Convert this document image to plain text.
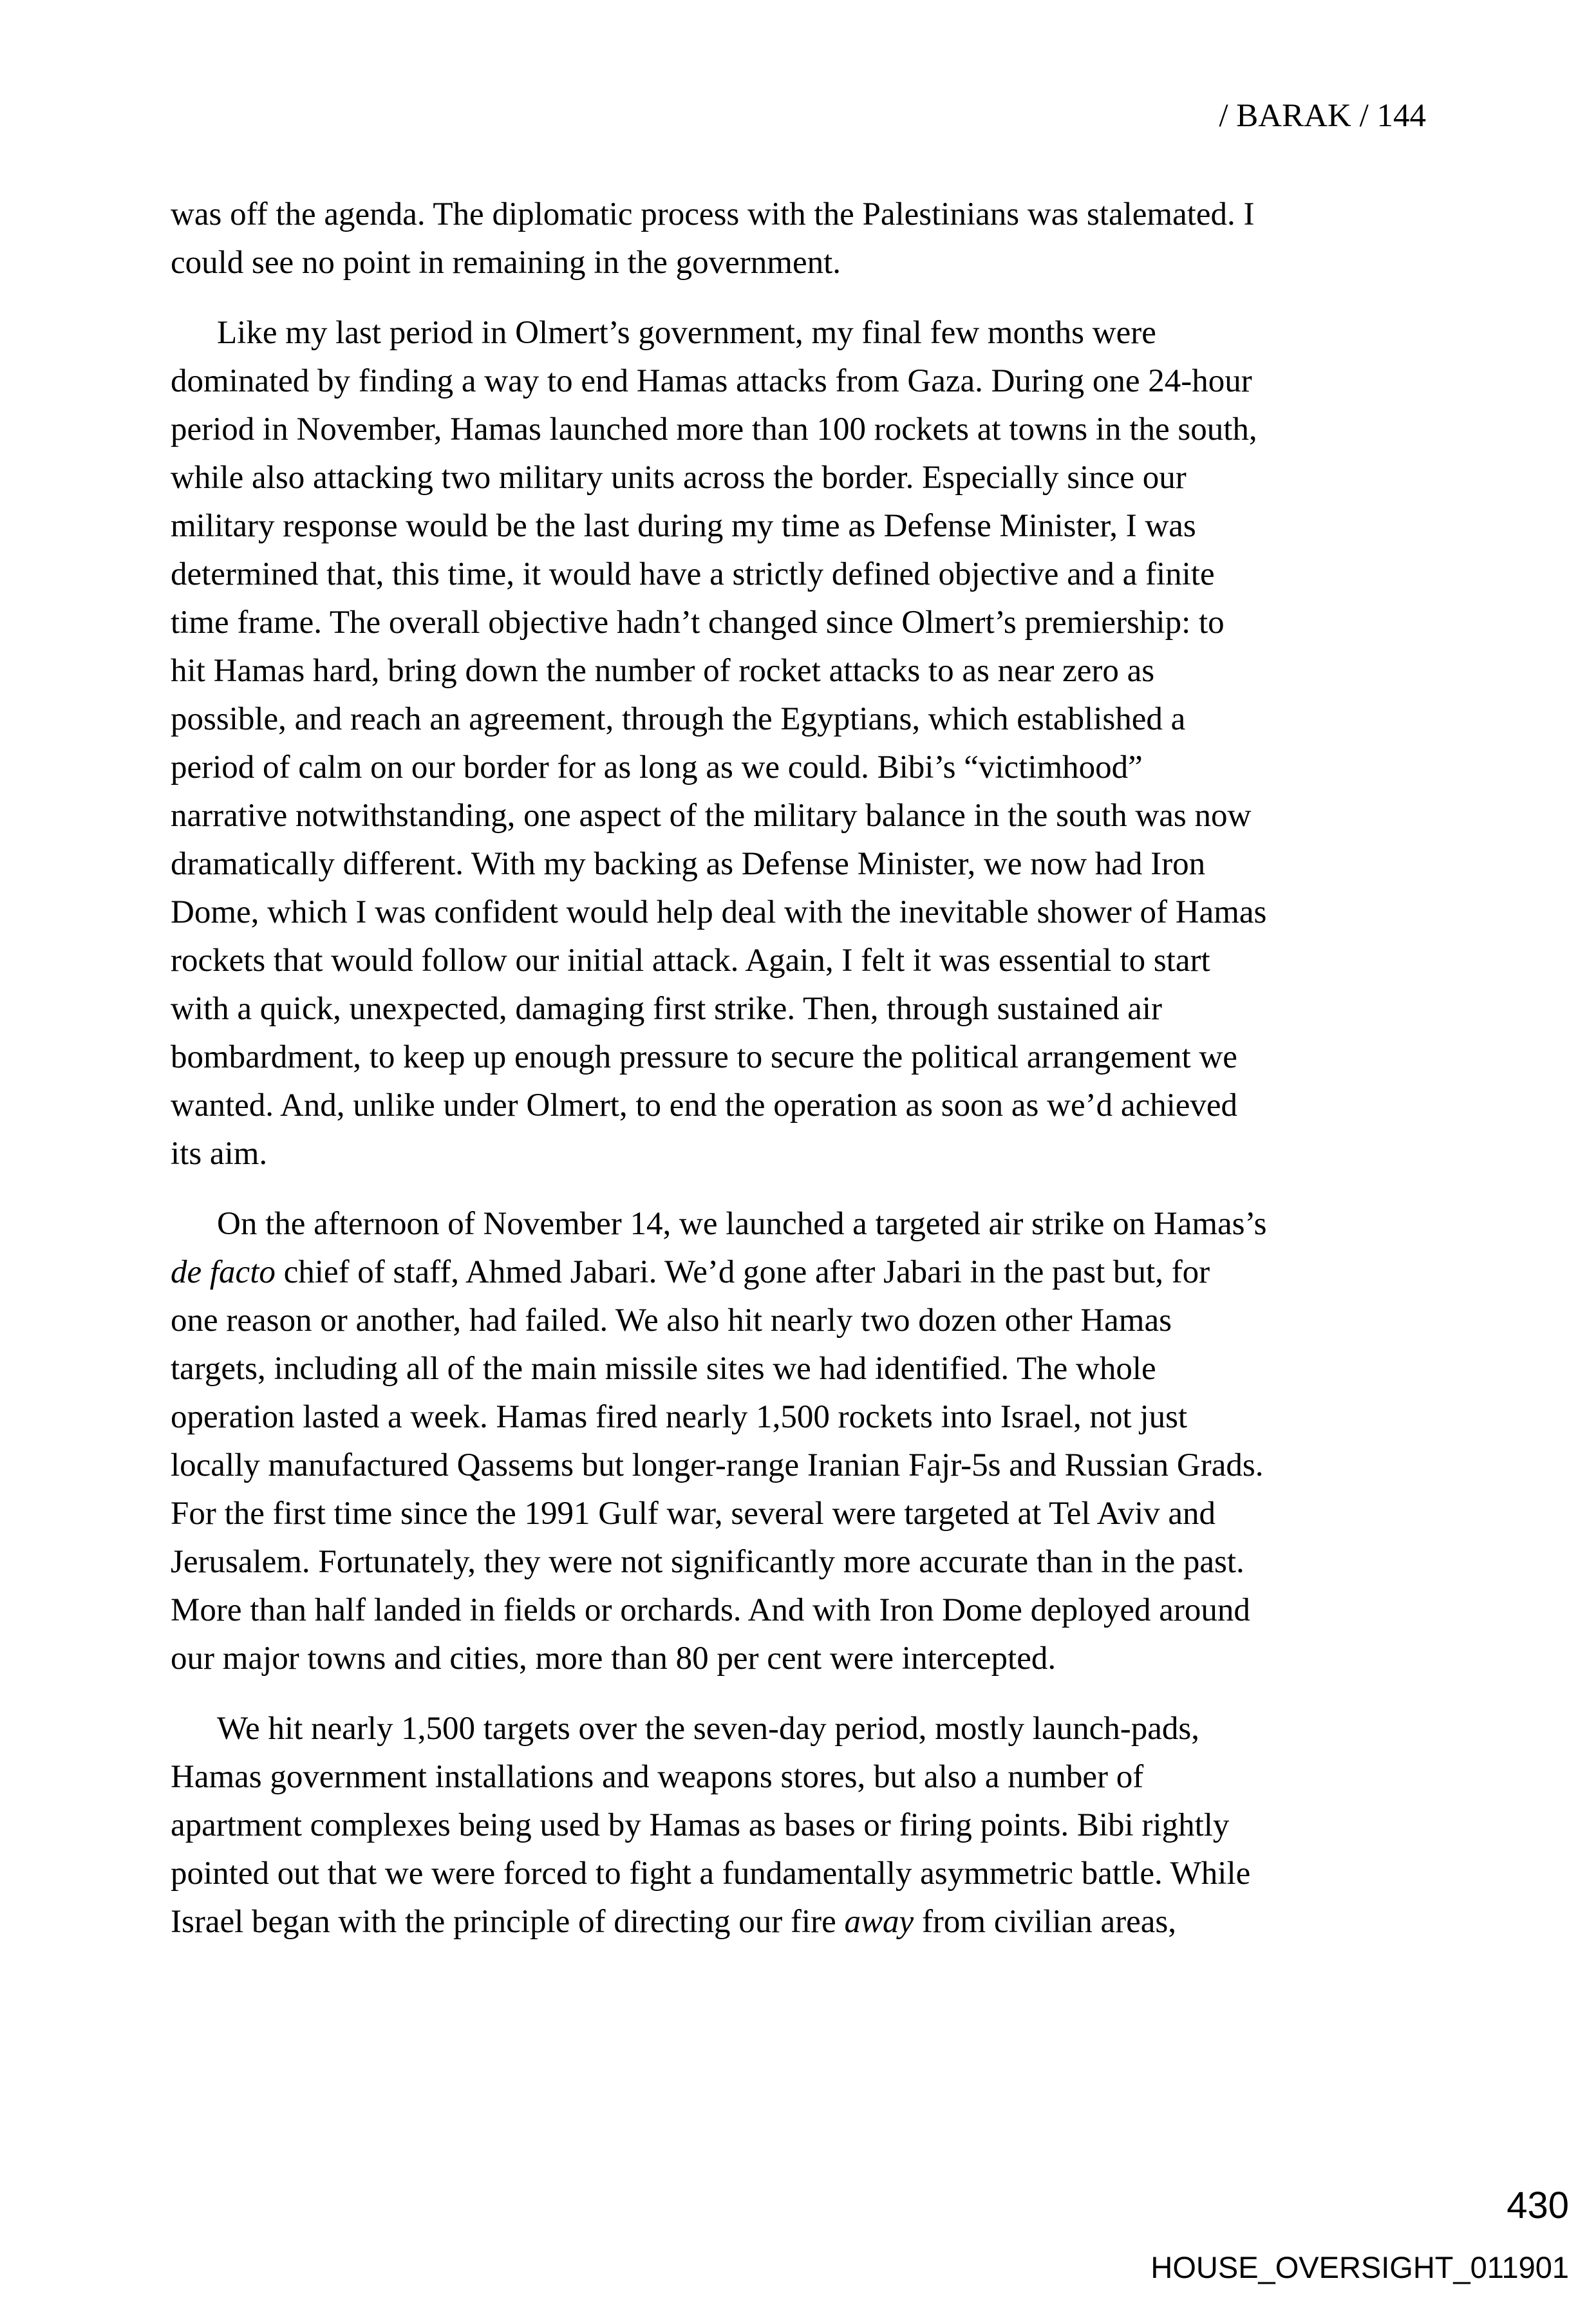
/ BARAK / 144

was off the agenda. The diplomatic process with the Palestinians was stalemated. I
could see no point in remaining in the government.

Like my last period in Olmert’s government, my final few months were
dominated by finding a way to end Hamas attacks from Gaza. During one 24-hour
period in November, Hamas launched more than 100 rockets at towns in the south,
while also attacking two military units across the border. Especially since our
military response would be the last during my time as Defense Minister, I was
determined that, this time, it would have a strictly defined objective and a finite
time frame. The overall objective hadn’t changed since Olmert’s premiership: to
hit Hamas hard, bring down the number of rocket attacks to as near zero as
possible, and reach an agreement, through the Egyptians, which established a
period of calm on our border for as long as we could. Bibi’s “victimhood”
narrative notwithstanding, one aspect of the military balance in the south was now
dramatically different. With my backing as Defense Minister, we now had Iron
Dome, which I was confident would help deal with the inevitable shower of Hamas
rockets that would follow our initial attack. Again, I felt it was essential to start
with a quick, unexpected, damaging first strike. Then, through sustained air
bombardment, to keep up enough pressure to secure the political arrangement we
wanted. And, unlike under Olmert, to end the operation as soon as we’d achieved
its aim.

On the afternoon of November 14, we launched a targeted air strike on Hamas’s
de facto chief of staff, Ahmed Jabari. We’d gone after Jabari in the past but, for
one reason or another, had failed. We also hit nearly two dozen other Hamas
targets, including all of the main missile sites we had identified. The whole
operation lasted a week. Hamas fired nearly 1,500 rockets into Israel, not just
locally manufactured Qassems but longer-range Iranian Fajr-5s and Russian Grads.
For the first time since the 1991 Gulf war, several were targeted at Tel Aviv and
Jerusalem. Fortunately, they were not significantly more accurate than in the past.
More than half landed in fields or orchards. And with Iron Dome deployed around
our major towns and cities, more than 80 per cent were intercepted.

We hit nearly 1,500 targets over the seven-day period, mostly launch-pads,
Hamas government installations and weapons stores, but also a number of
apartment complexes being used by Hamas as bases or firing points. Bibi rightly
pointed out that we were forced to fight a fundamentally asymmetric battle. While
Israel began with the principle of directing our fire away from civilian areas,

430
HOUSE_OVERSIGHT_011901
